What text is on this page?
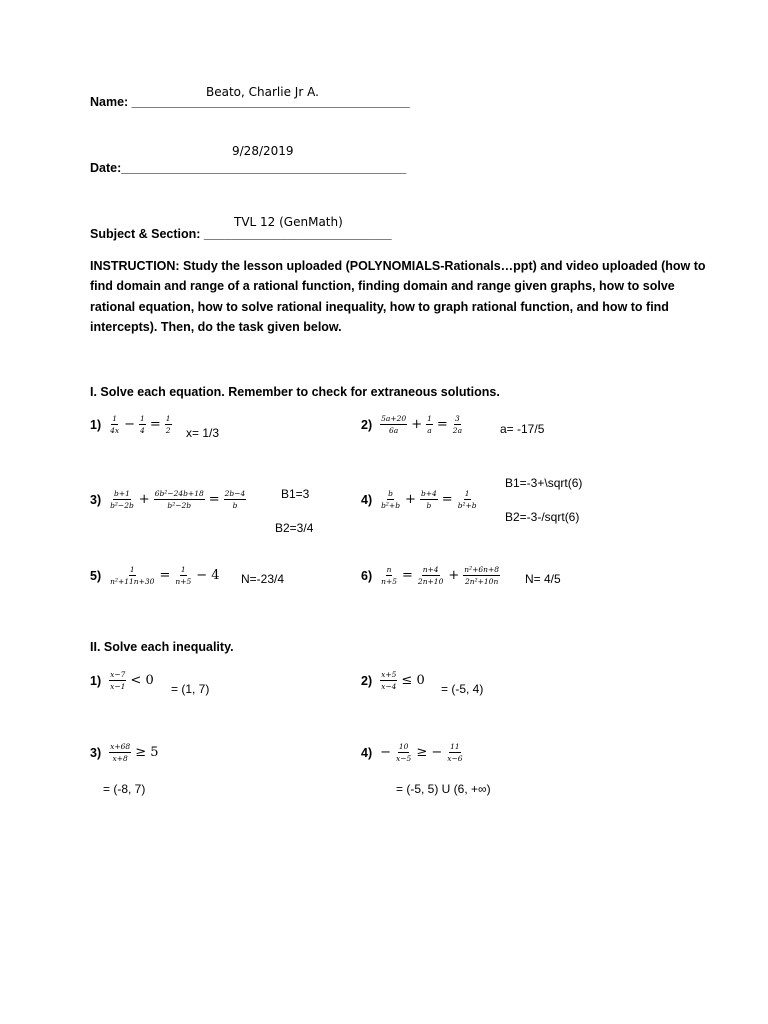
Beato, Charlie Jr A.
Name: ________________________________________
9/28/2019
Date:_________________________________________
TVL 12 (GenMath)
Subject & Section: ___________________________
INSTRUCTION: Study the lesson uploaded (POLYNOMIALS-Rationals…ppt) and video uploaded (how to
find domain and range of a rational function, finding domain and range given graphs, how to solve
rational equation, how to solve rational inequality, how to graph rational function, and how to find
intercepts). Then, do the task given below.
I. Solve each equation. Remember to check for extraneous solutions.
$1) \frac{1}{4x} - \frac{1}{4} = \frac{1}{2} x= 1/3$
$2) \frac{5a+20}{6a} + \frac{1}{a} = \frac{3}{2a}$	a= -17/5
$3) \frac{b+1}{\text{b²−2b}} + \frac{\text{6b²−24b+18}}{\text{b²−2b}} = \frac{2b-4}{b}$	B1=3
B2=3/4
$4) \frac{b}{\text{b²+b}} + \frac{b+4}{b} = \frac{1}{\text{b²+b}}$
B1=-3+\sqrt(6)
B2=-3-/sqrt(6)
$5) \frac{1}{\text{n²+11n+30}} = \frac{1}{n+5} - 4$ N=-23/4	$6) \frac{n}{n+5} = \frac{n+4}{2n+10} + \frac{\text{n²+6n+8}}{\text{2n²+10n}} N= 4/5$
II. Solve each inequality.
$1) \frac{x-7}{x-1} < 0$
= (1, 7)
$2) \frac{x+5}{x-4} \le 0$
= (-5, 4)
$3) \frac{x+68}{x+8} \ge 5$
= (-8, 7)
$4) - \frac{10}{x-5}$ ≥ − $\frac{11}{x-6}$
= (-5, 5) U (6, +∞)
